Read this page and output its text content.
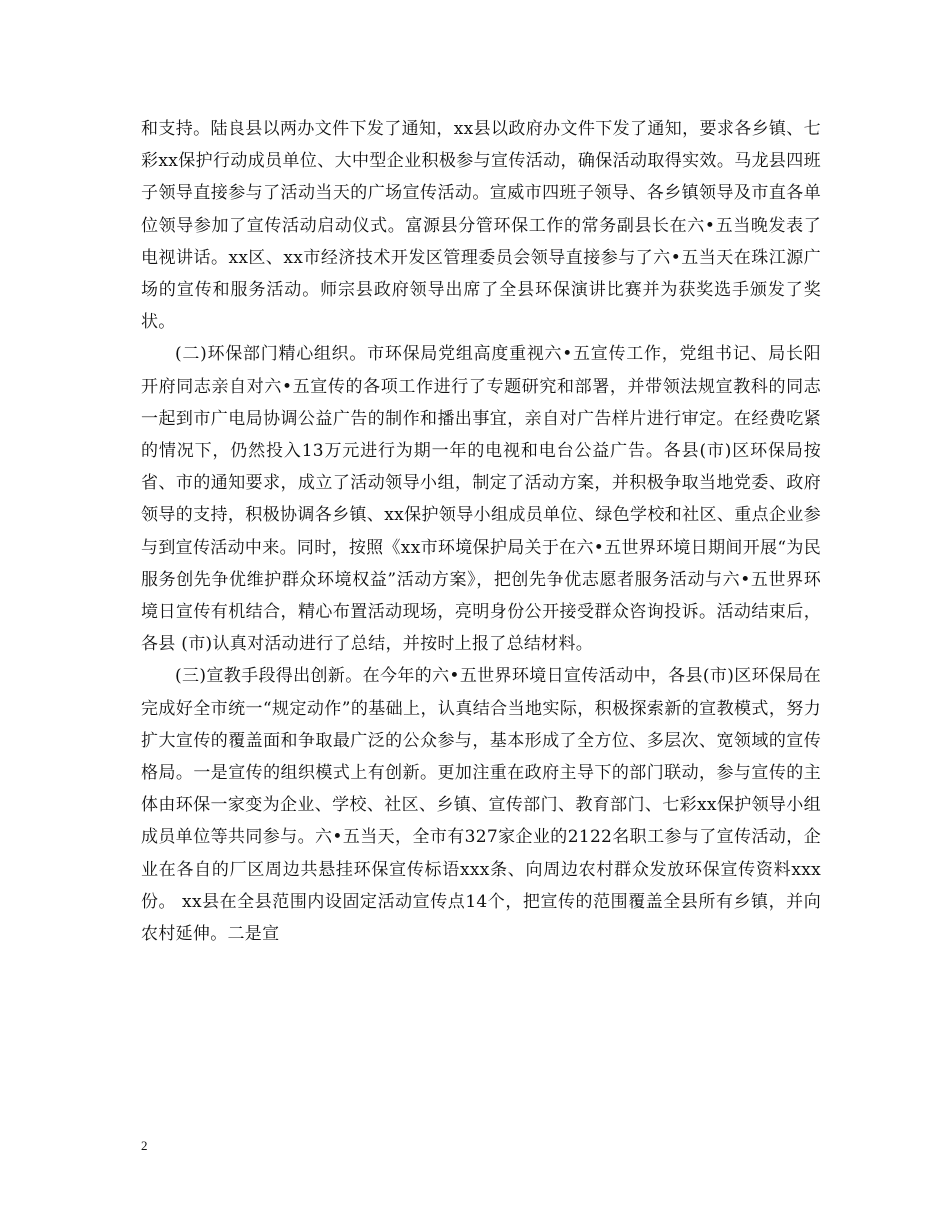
和支持。陆良县以两办文件下发了通知，xx县以政府办文件下发了通知，要求各乡镇、七彩xx保护行动成员单位、大中型企业积极参与宣传活动，确保活动取得实效。马龙县四班子领导直接参与了活动当天的广场宣传活动。宣威市四班子领导、各乡镇领导及市直各单位领导参加了宣传活动启动仪式。富源县分管环保工作的常务副县长在六•五当晚发表了电视讲话。xx区、xx市经济技术开发区管理委员会领导直接参与了六•五当天在珠江源广场的宣传和服务活动。师宗县政府领导出席了全县环保演讲比赛并为获奖选手颁发了奖状。

(二)环保部门精心组织。市环保局党组高度重视六•五宣传工作，党组书记、局长阳开府同志亲自对六•五宣传的各项工作进行了专题研究和部署，并带领法规宣教科的同志一起到市广电局协调公益广告的制作和播出事宜，亲自对广告样片进行审定。在经费吃紧的情况下，仍然投入13万元进行为期一年的电视和电台公益广告。各县(市)区环保局按省、市的通知要求，成立了活动领导小组，制定了活动方案，并积极争取当地党委、政府领导的支持，积极协调各乡镇、xx保护领导小组成员单位、绿色学校和社区、重点企业参与到宣传活动中来。同时，按照《xx市环境保护局关于在六•五世界环境日期间开展“为民服务创先争优维护群众环境权益”活动方案》，把创先争优志愿者服务活动与六•五世界环境日宣传有机结合，精心布置活动现场，亮明身份公开接受群众咨询投诉。活动结束后，各县 (市)认真对活动进行了总结，并按时上报了总结材料。

(三)宣教手段得出创新。在今年的六•五世界环境日宣传活动中，各县(市)区环保局在完成好全市统一“规定动作”的基础上，认真结合当地实际，积极探索新的宣教模式，努力扩大宣传的覆盖面和争取最广泛的公众参与，基本形成了全方位、多层次、宽领域的宣传格局。一是宣传的组织模式上有创新。更加注重在政府主导下的部门联动，参与宣传的主体由环保一家变为企业、学校、社区、乡镇、宣传部门、教育部门、七彩xx保护领导小组成员单位等共同参与。六•五当天，全市有327家企业的2122名职工参与了宣传活动，企业在各自的厂区周边共悬挂环保宣传标语xxx条、向周边农村群众发放环保宣传资料xxx份。 xx县在全县范围内设固定活动宣传点14个，把宣传的范围覆盖全县所有乡镇，并向农村延伸。二是宣

2
